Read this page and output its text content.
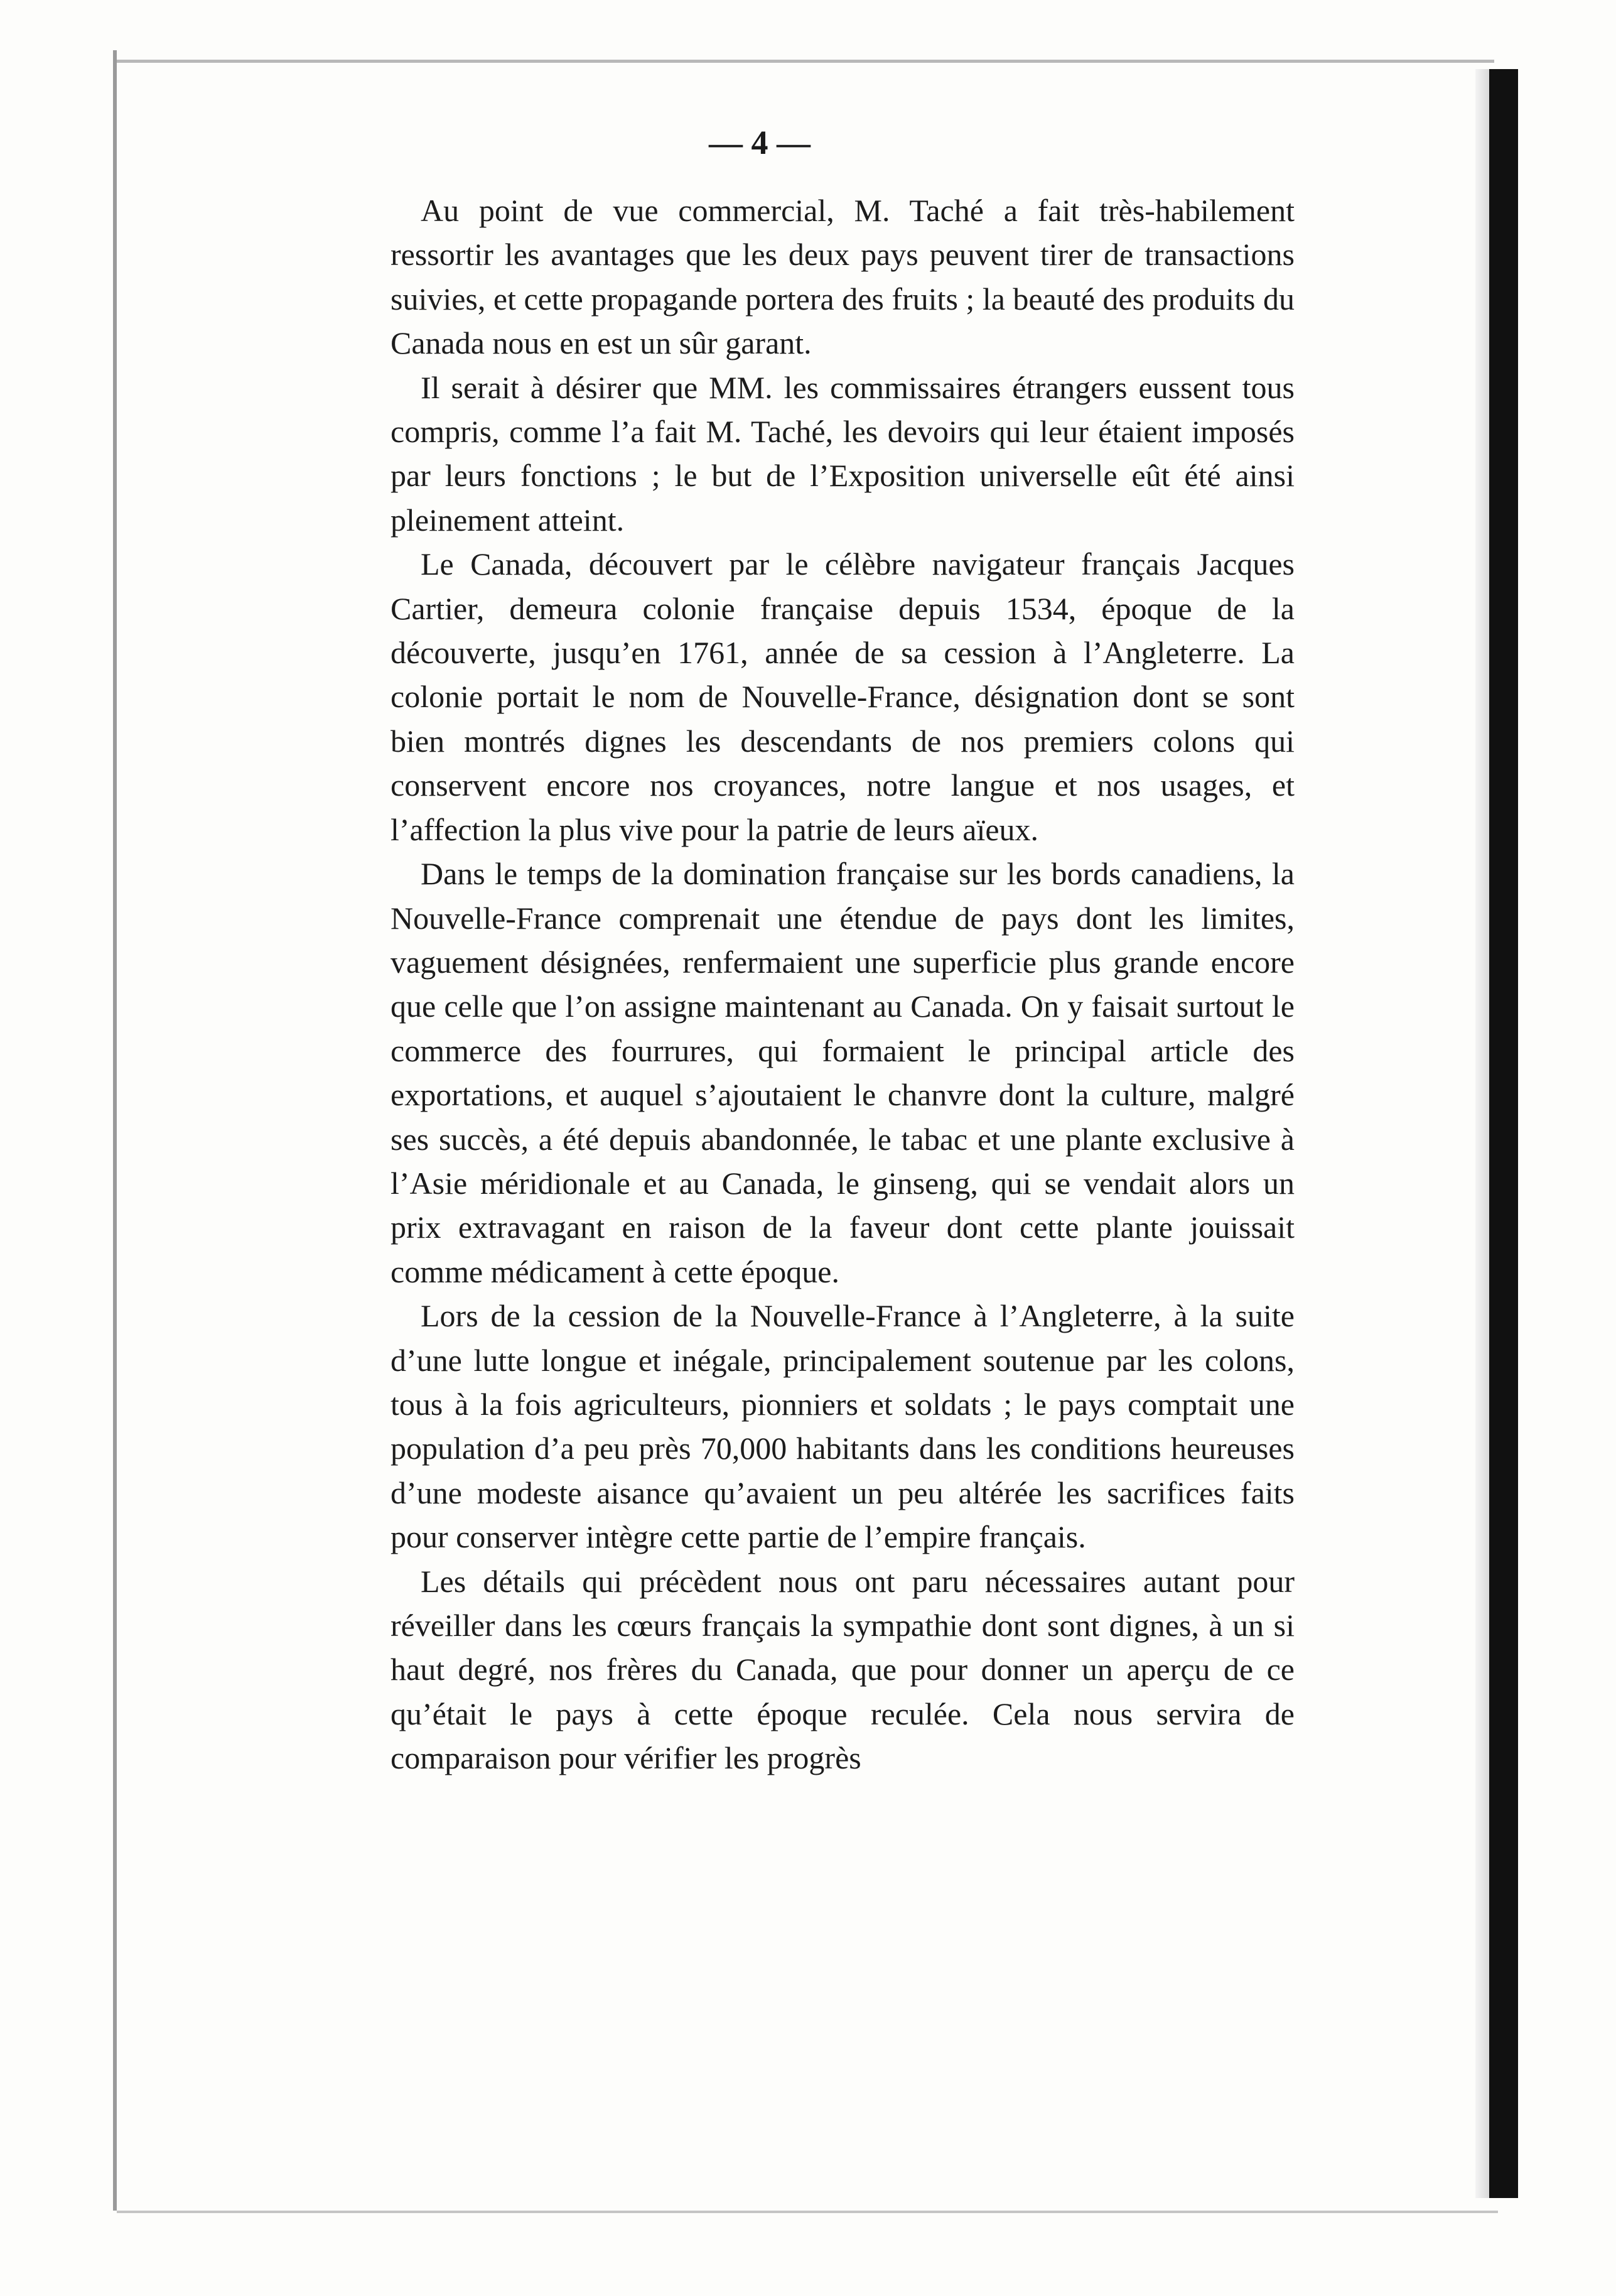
— 4 —

Au point de vue commercial, M. Taché a fait très-habilement ressortir les avantages que les deux pays peuvent tirer de transactions suivies, et cette propagande portera des fruits ; la beauté des produits du Canada nous en est un sûr garant.

Il serait à désirer que MM. les commissaires étrangers eussent tous compris, comme l’a fait M. Taché, les devoirs qui leur étaient imposés par leurs fonctions ; le but de l’Exposition universelle eût été ainsi pleinement atteint.

Le Canada, découvert par le célèbre navigateur français Jacques Cartier, demeura colonie française depuis 1534, époque de la découverte, jusqu’en 1761, année de sa cession à l’Angleterre. La colonie portait le nom de Nouvelle-France, désignation dont se sont bien montrés dignes les descendants de nos premiers colons qui conservent encore nos croyances, notre langue et nos usages, et l’affection la plus vive pour la patrie de leurs aïeux.

Dans le temps de la domination française sur les bords canadiens, la Nouvelle-France comprenait une étendue de pays dont les limites, vaguement désignées, renfermaient une superficie plus grande encore que celle que l’on assigne maintenant au Canada. On y faisait surtout le commerce des fourrures, qui formaient le principal article des exportations, et auquel s’ajoutaient le chanvre dont la culture, malgré ses succès, a été depuis abandonnée, le tabac et une plante exclusive à l’Asie méridionale et au Canada, le ginseng, qui se vendait alors un prix extravagant en raison de la faveur dont cette plante jouissait comme médicament à cette époque.

Lors de la cession de la Nouvelle-France à l’Angleterre, à la suite d’une lutte longue et inégale, principalement soutenue par les colons, tous à la fois agriculteurs, pionniers et soldats ; le pays comptait une population d’a peu près 70,000 habitants dans les conditions heureuses d’une modeste aisance qu’avaient un peu altérée les sacrifices faits pour conserver intègre cette partie de l’empire français.

Les détails qui précèdent nous ont paru nécessaires autant pour réveiller dans les cœurs français la sympathie dont sont dignes, à un si haut degré, nos frères du Canada, que pour donner un aperçu de ce qu’était le pays à cette époque reculée. Cela nous servira de comparaison pour vérifier les progrès
